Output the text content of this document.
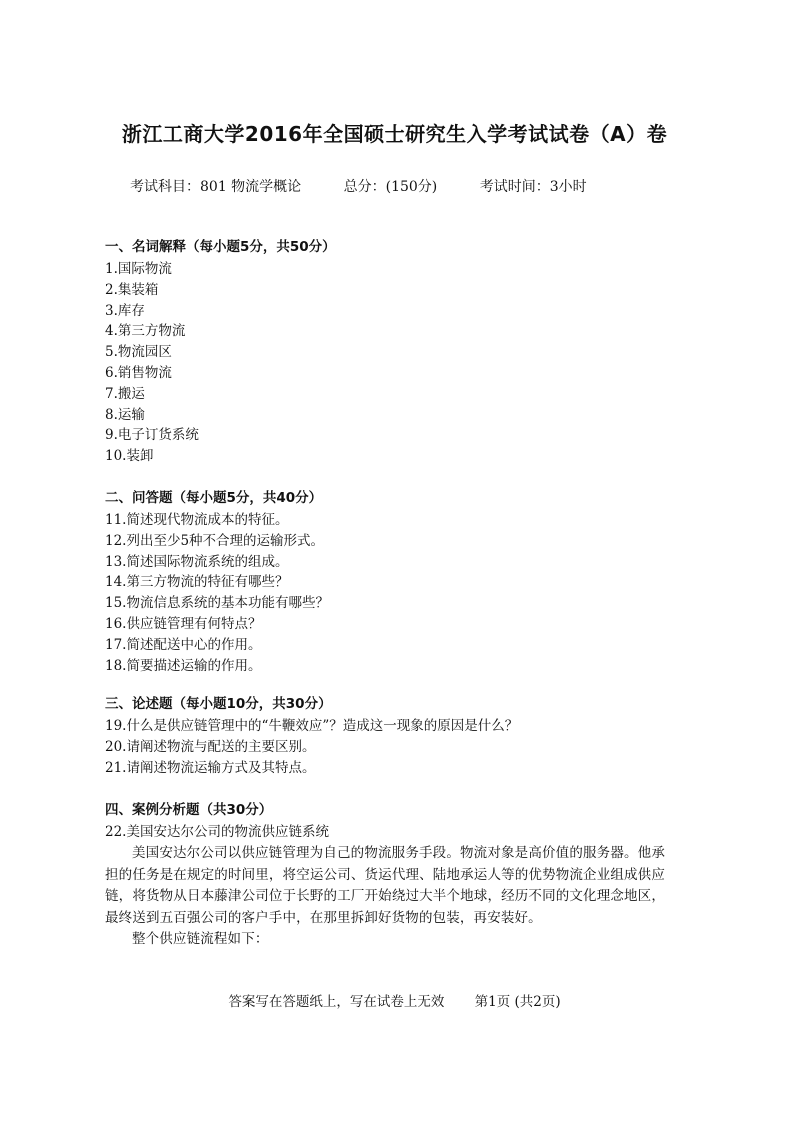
浙江工商大学2016年全国硕士研究生入学考试试卷（A）卷
考试科目：801 物流学概论	总分：(150分)	考试时间：3小时
一、名词解释（每小题5分，共50分）
1.国际物流
2.集装箱
3.库存
4.第三方物流
5.物流园区
6.销售物流
7.搬运
8.运输
9.电子订货系统
10.装卸
二、问答题（每小题5分，共40分）
11.简述现代物流成本的特征。
12.列出至少5种不合理的运输形式。
13.简述国际物流系统的组成。
14.第三方物流的特征有哪些？
15.物流信息系统的基本功能有哪些？
16.供应链管理有何特点？
17.简述配送中心的作用。
18.简要描述运输的作用。
三、论述题（每小题10分，共30分）
19.什么是供应链管理中的“牛鞭效应”？造成这一现象的原因是什么？
20.请阐述物流与配送的主要区别。
21.请阐述物流运输方式及其特点。
四、案例分析题（共30分）

22.美国安达尔公司的物流供应链系统

美国安达尔公司以供应链管理为自己的物流服务手段。物流对象是高价值的服务器。他承担的任务是在规定的时间里，将空运公司、货运代理、陆地承运人等的优势物流企业组成供应链，将货物从日本藤津公司位于长野的工厂开始绕过大半个地球，经历不同的文化理念地区，最终送到五百强公司的客户手中，在那里拆卸好货物的包装，再安装好。

整个供应链流程如下：

答案写在答题纸上，写在试卷上无效 第1页 (共2页)
